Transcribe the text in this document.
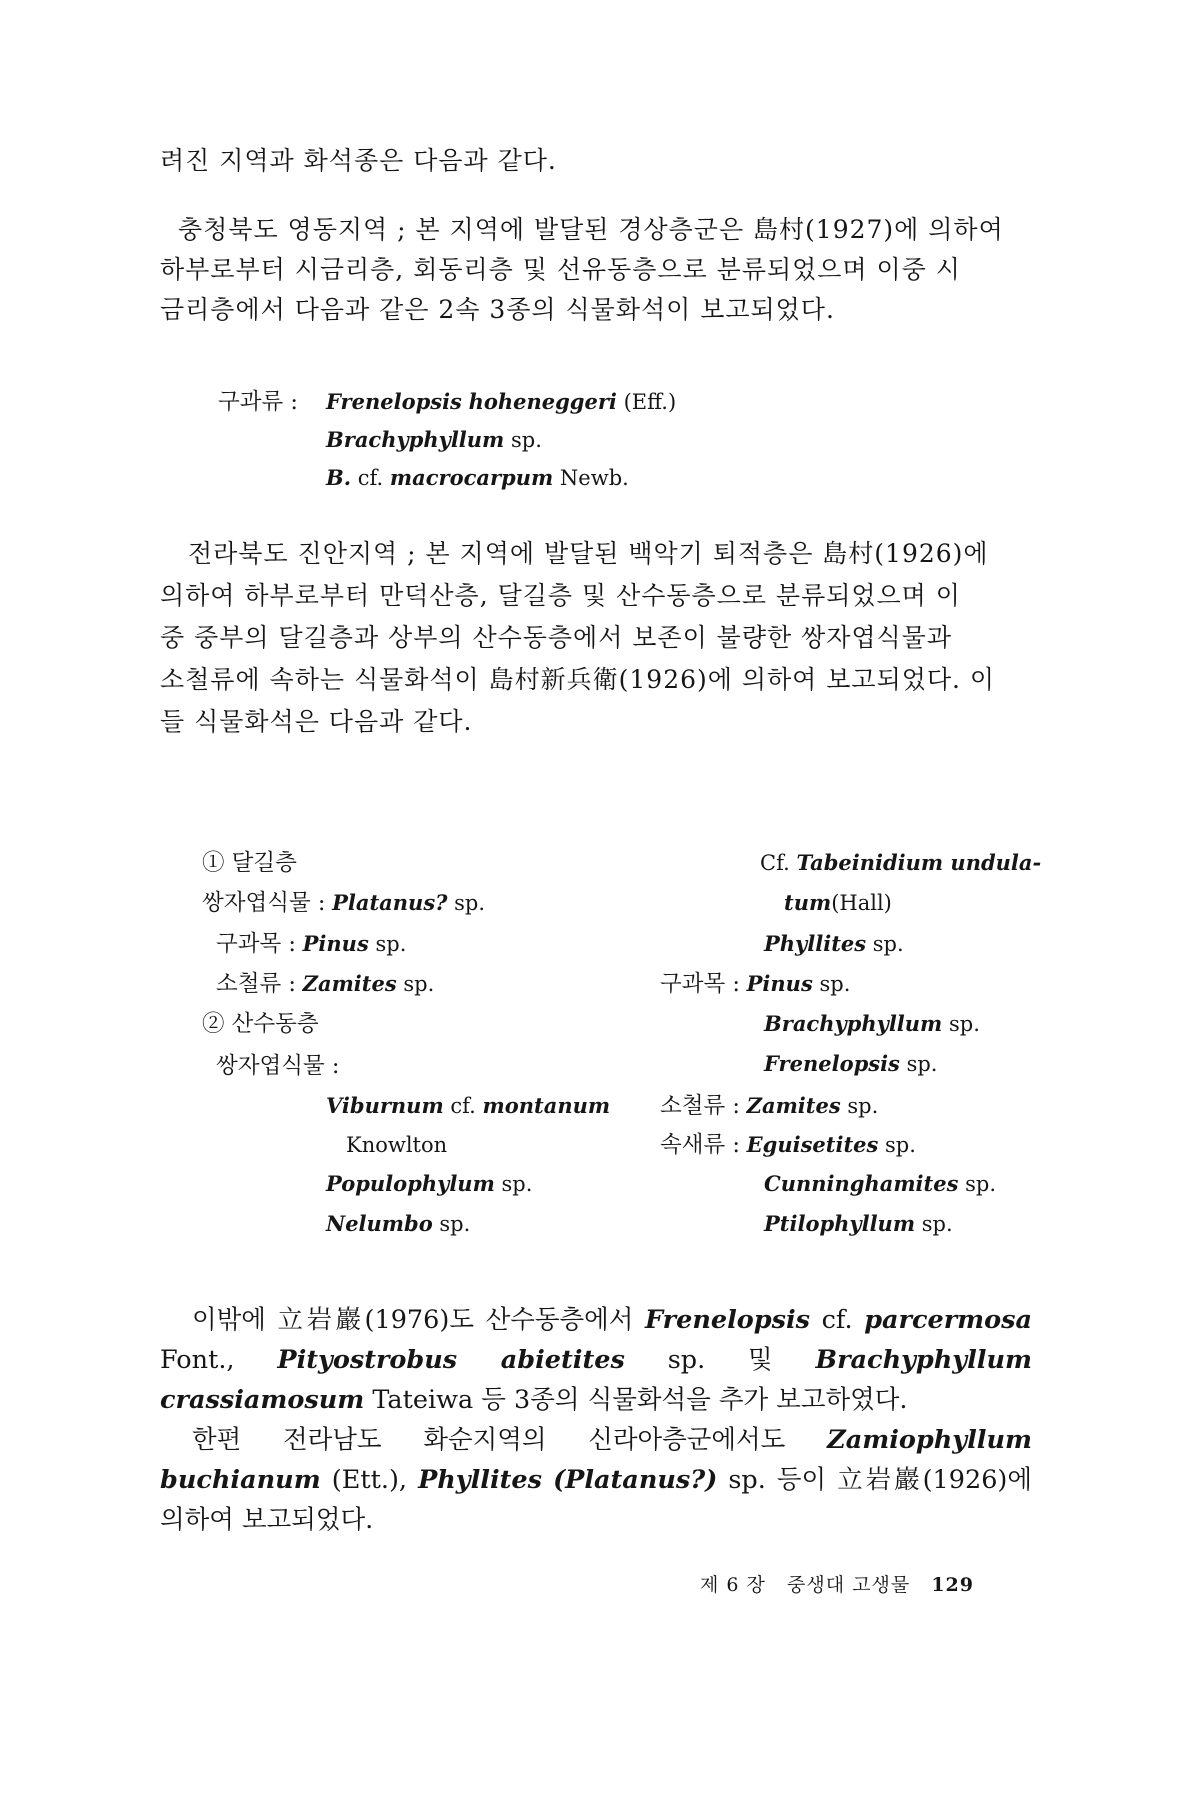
려진 지역과 화석종은 다음과 같다.
충청북도 영동지역 ; 본 지역에 발달된 경상층군은 島村(1927)에 의하여
하부로부터 시금리층, 회동리층 및 선유동층으로 분류되었으며 이중 시
금리층에서 다음과 같은 2속 3종의 식물화석이 보고되었다.
구과류 : Frenelopsis hoheneggeri (Eff.)
Brachyphyllum sp.
B. cf. macrocarpum Newb.
전라북도 진안지역 ; 본 지역에 발달된 백악기 퇴적층은 島村(1926)에
의하여 하부로부터 만덕산층, 달길층 및 산수동층으로 분류되었으며 이
중 중부의 달길층과 상부의 산수동층에서 보존이 불량한 쌍자엽식물과
소철류에 속하는 식물화석이 島村新兵衛(1926)에 의하여 보고되었다. 이
들 식물화석은 다음과 같다.
① 달길층
쌍자엽식물 : Platanus? sp.
구과목 : Pinus sp.
소철류 : Zamites sp.
② 산수동층
쌍자엽식물 :
Viburnum cf. montanum
Knowlton
Populophylum sp.
Nelumbo sp.
Cf. Tabeinidium undula-
tum(Hall)
Phyllites sp.
구과목 : Pinus sp.
Brachyphyllum sp.
Frenelopsis sp.
소철류 : Zamites sp.
속새류 : Eguisetites sp.
Cunninghamites sp.
Ptilophyllum sp.
이밖에 立岩巖(1976)도 산수동층에서 Frenelopsis cf. parcermosa Font., Pityostrobus abietites sp. 및 Brachyphyllum crassiamosum Tateiwa 등 3종의 식물화석을 추가 보고하였다.
한편 전라남도 화순지역의 신라아층군에서도 Zamiophyllum buchianum (Ett.), Phyllites (Platanus?) sp. 등이 立岩巖(1926)에 의하여 보고되었다.
제 6 장 중생대 고생물 129
